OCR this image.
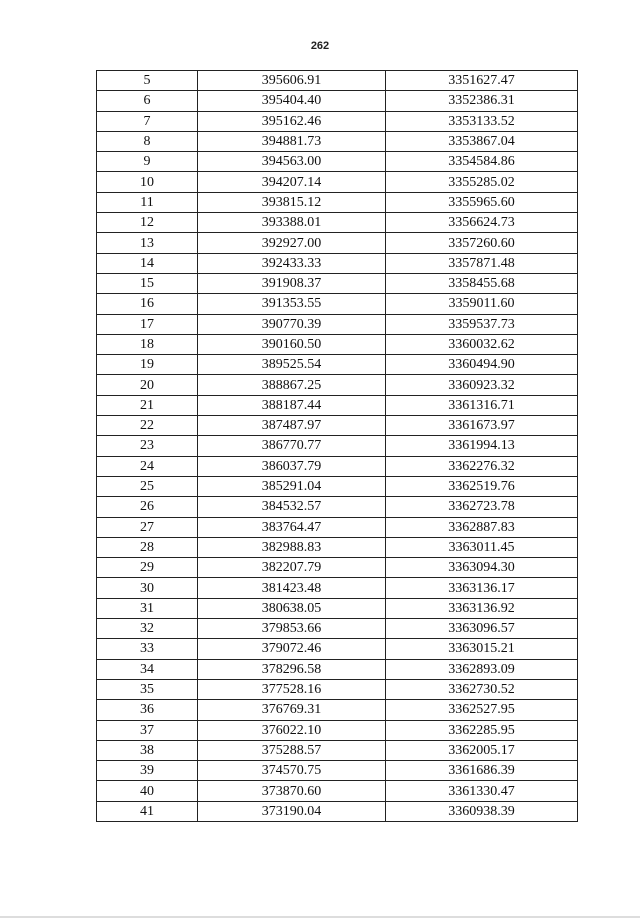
262
5	395606.91	3351627.47
6	395404.40	3352386.31
7	395162.46	3353133.52
8	394881.73	3353867.04
9	394563.00	3354584.86
10	394207.14	3355285.02
11	393815.12	3355965.60
12	393388.01	3356624.73
13	392927.00	3357260.60
14	392433.33	3357871.48
15	391908.37	3358455.68
16	391353.55	3359011.60
17	390770.39	3359537.73
18	390160.50	3360032.62
19	389525.54	3360494.90
20	388867.25	3360923.32
21	388187.44	3361316.71
22	387487.97	3361673.97
23	386770.77	3361994.13
24	386037.79	3362276.32
25	385291.04	3362519.76
26	384532.57	3362723.78
27	383764.47	3362887.83
28	382988.83	3363011.45
29	382207.79	3363094.30
30	381423.48	3363136.17
31	380638.05	3363136.92
32	379853.66	3363096.57
33	379072.46	3363015.21
34	378296.58	3362893.09
35	377528.16	3362730.52
36	376769.31	3362527.95
37	376022.10	3362285.95
38	375288.57	3362005.17
39	374570.75	3361686.39
40	373870.60	3361330.47
41	373190.04	3360938.39
